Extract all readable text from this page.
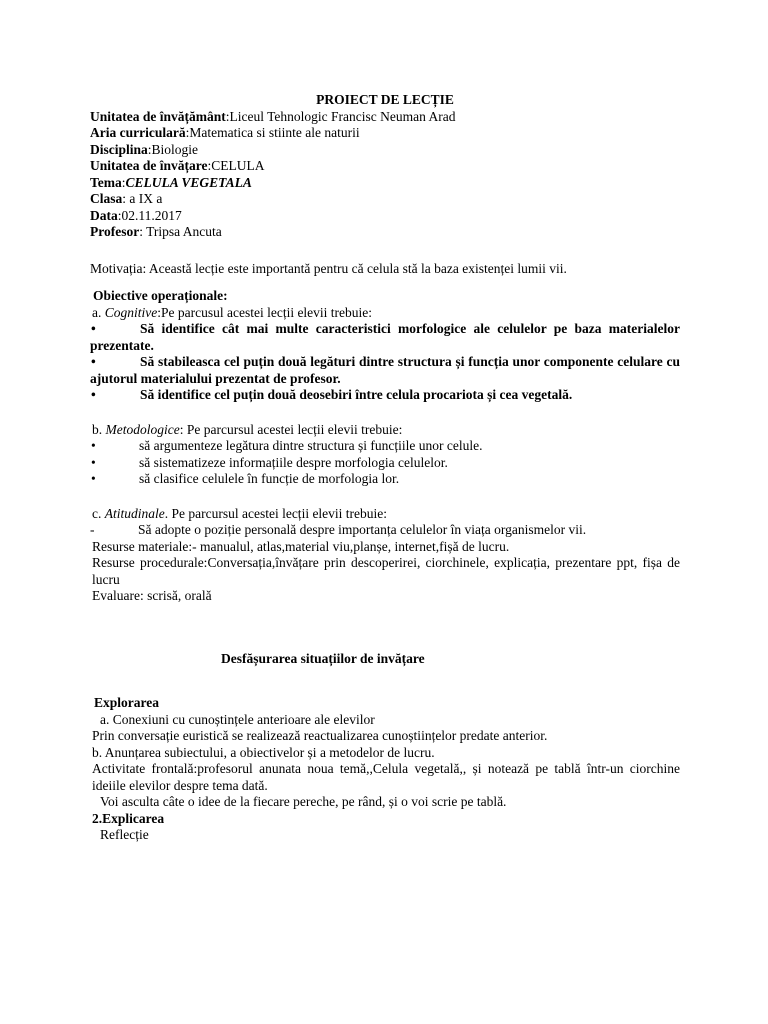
PROIECT DE LECȚIE
Unitatea de învățământ:Liceul Tehnologic Francisc Neuman Arad
Aria curriculară:Matematica si stiinte ale naturii
Disciplina:Biologie
Unitatea de învățare:CELULA
Tema:CELULA VEGETALA
Clasa: a IX a
Data:02.11.2017
Profesor: Tripsa Ancuta
Motivația: Această lecție este importantă pentru că celula stă la baza existenței lumii vii.
Obiective operaționale:
a. Cognitive:Pe parcusul acestei lecții elevii trebuie:
•	Să identifice cât mai multe caracteristici morfologice ale celulelor pe baza materialelor prezentate.
•	Să stabileasca cel puțin două legături dintre structura și funcția unor componente celulare cu ajutorul materialului prezentat de profesor.
•	Să identifice cel puțin două deosebiri între celula procariota și cea vegetală.
b. Metodologice: Pe parcursul acestei lecții elevii trebuie:
•	să argumenteze legătura dintre structura și funcțiile unor celule.
•	să sistematizeze informațiile despre morfologia celulelor.
•	să clasifice celulele în funcție de morfologia lor.
c. Atitudinale. Pe parcursul acestei lecții elevii trebuie:
-	Să adopte o poziție personală despre importanța celulelor în viața organismelor vii.
Resurse materiale:- manualul, atlas,material viu,planșe, internet,fișă de lucru.
Resurse procedurale:Conversația,învățare prin descoperirei, ciorchinele, explicația, prezentare ppt, fișa de lucru
Evaluare: scrisă, orală
Desfășurarea situațiilor de invățare
Explorarea
a. Conexiuni cu cunoștințele anterioare ale elevilor
Prin conversație euristică se realizează reactualizarea cunoștiințelor predate anterior.
b. Anunțarea subiectului, a obiectivelor și a metodelor de lucru.
Activitate frontală:profesorul anunata noua temă,,Celula vegetală,, și notează pe tablă într-un ciorchine ideiile elevilor despre tema dată.
Voi asculta câte o idee de la fiecare pereche, pe rând, și o voi scrie pe tablă.
2.Explicarea
Reflecție
